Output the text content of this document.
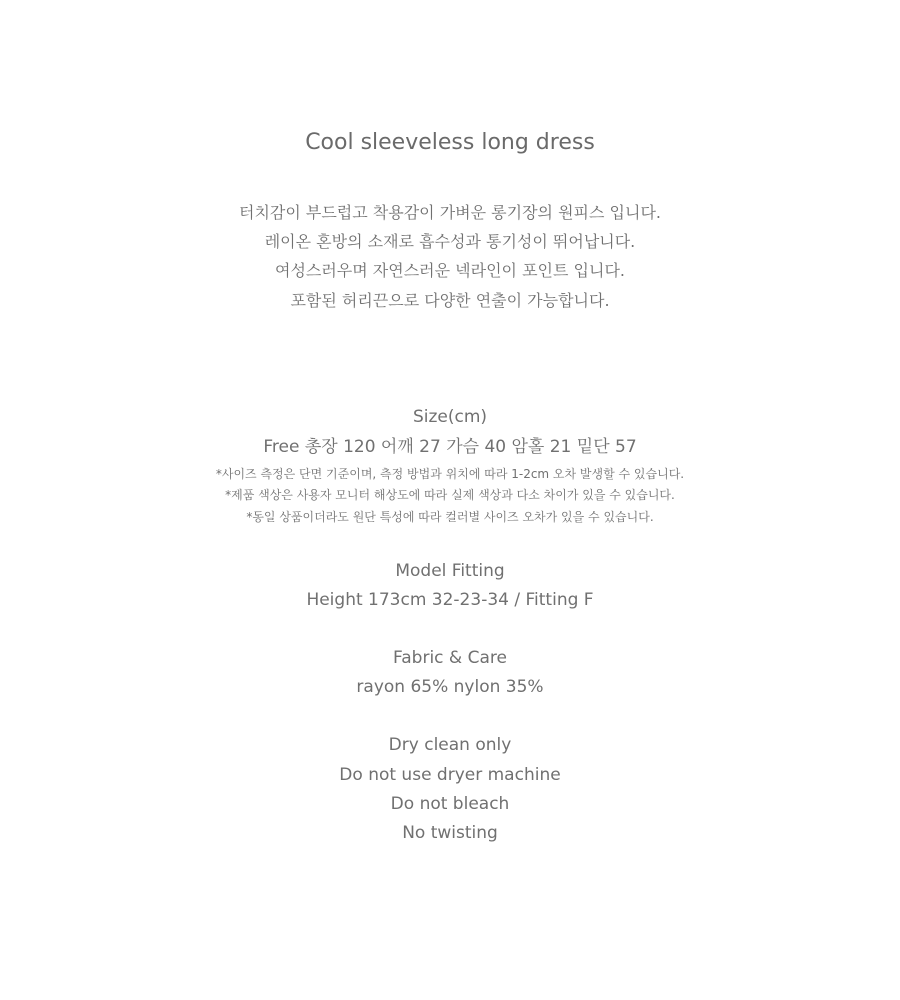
Cool sleeveless long dress

터치감이 부드럽고 착용감이 가벼운 롱기장의 원피스 입니다.

레이온 혼방의 소재로 흡수성과 통기성이 뛰어납니다.

여성스러우며 자연스러운 넥라인이 포인트 입니다.

포함된 허리끈으로 다양한 연출이 가능합니다.

Size(cm)

Free 총장 120 어깨 27 가슴 40 암홀 21 밑단 57

*사이즈 측정은 단면 기준이며, 측정 방법과 위치에 따라 1-2cm 오차 발생할 수 있습니다.

*제품 색상은 사용자 모니터 해상도에 따라 실제 색상과 다소 차이가 있을 수 있습니다.

*동일 상품이더라도 원단 특성에 따라 컬러별 사이즈 오차가 있을 수 있습니다.

Model Fitting

Height 173cm 32-23-34 / Fitting F

Fabric & Care

rayon 65% nylon 35%

Dry clean only

Do not use dryer machine

Do not bleach

No twisting
